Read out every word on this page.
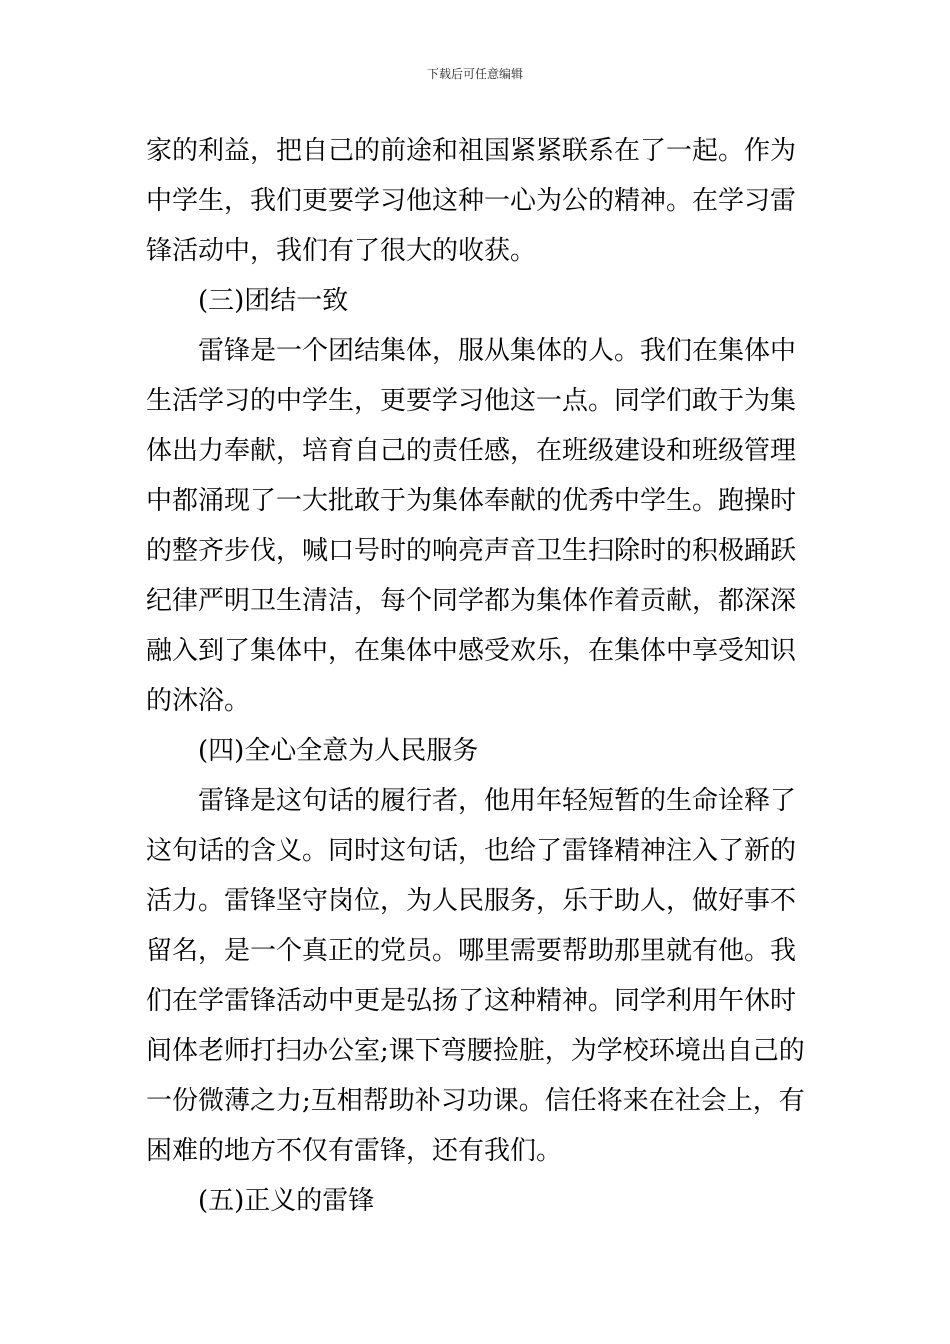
下载后可任意编辑
家的利益，把自己的前途和祖国紧紧联系在了一起。作为
中学生，我们更要学习他这种一心为公的精神。在学习雷
锋活动中，我们有了很大的收获。
(三)团结一致
雷锋是一个团结集体，服从集体的人。我们在集体中
生活学习的中学生，更要学习他这一点。同学们敢于为集
体出力奉献，培育自己的责任感，在班级建设和班级管理
中都涌现了一大批敢于为集体奉献的优秀中学生。跑操时
的整齐步伐，喊口号时的响亮声音卫生扫除时的积极踊跃
纪律严明卫生清洁，每个同学都为集体作着贡献，都深深
融入到了集体中，在集体中感受欢乐，在集体中享受知识
的沐浴。
(四)全心全意为人民服务
雷锋是这句话的履行者，他用年轻短暂的生命诠释了
这句话的含义。同时这句话，也给了雷锋精神注入了新的
活力。雷锋坚守岗位，为人民服务，乐于助人，做好事不
留名，是一个真正的党员。哪里需要帮助那里就有他。我
们在学雷锋活动中更是弘扬了这种精神。同学利用午休时
间体老师打扫办公室;课下弯腰捡脏，为学校环境出自己的
一份微薄之力;互相帮助补习功课。信任将来在社会上，有
困难的地方不仅有雷锋，还有我们。
(五)正义的雷锋
